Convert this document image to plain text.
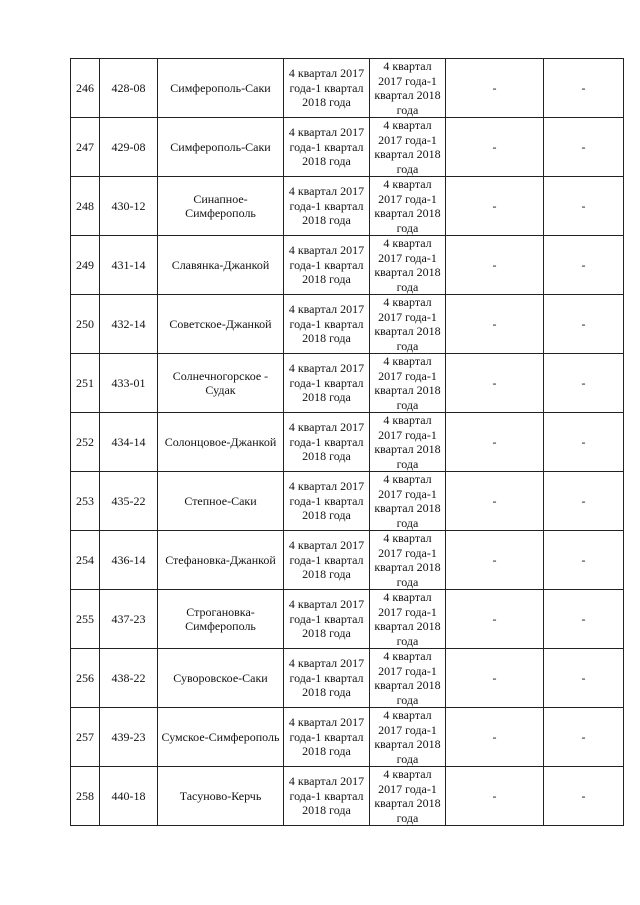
246	428-08	Симферополь-Саки	4 квартал 2017 года-1 квартал 2018 года	4 квартал 2017 года-1 квартал 2018 года	-	-
247	429-08	Симферополь-Саки	4 квартал 2017 года-1 квартал 2018 года	4 квартал 2017 года-1 квартал 2018 года	-	-
248	430-12	Синапное-Симферополь	4 квартал 2017 года-1 квартал 2018 года	4 квартал 2017 года-1 квартал 2018 года	-	-
249	431-14	Славянка-Джанкой	4 квартал 2017 года-1 квартал 2018 года	4 квартал 2017 года-1 квартал 2018 года	-	-
250	432-14	Советское-Джанкой	4 квартал 2017 года-1 квартал 2018 года	4 квартал 2017 года-1 квартал 2018 года	-	-
251	433-01	Солнечногорское - Судак	4 квартал 2017 года-1 квартал 2018 года	4 квартал 2017 года-1 квартал 2018 года	-	-
252	434-14	Солонцовое-Джанкой	4 квартал 2017 года-1 квартал 2018 года	4 квартал 2017 года-1 квартал 2018 года	-	-
253	435-22	Степное-Саки	4 квартал 2017 года-1 квартал 2018 года	4 квартал 2017 года-1 квартал 2018 года	-	-
254	436-14	Стефановка-Джанкой	4 квартал 2017 года-1 квартал 2018 года	4 квартал 2017 года-1 квартал 2018 года	-	-
255	437-23	Строгановка-Симферополь	4 квартал 2017 года-1 квартал 2018 года	4 квартал 2017 года-1 квартал 2018 года	-	-
256	438-22	Суворовское-Саки	4 квартал 2017 года-1 квартал 2018 года	4 квартал 2017 года-1 квартал 2018 года	-	-
257	439-23	Сумское-Симферополь	4 квартал 2017 года-1 квартал 2018 года	4 квартал 2017 года-1 квартал 2018 года	-	-
258	440-18	Тасуново-Керчь	4 квартал 2017 года-1 квартал 2018 года	4 квартал 2017 года-1 квартал 2018 года	-	-
